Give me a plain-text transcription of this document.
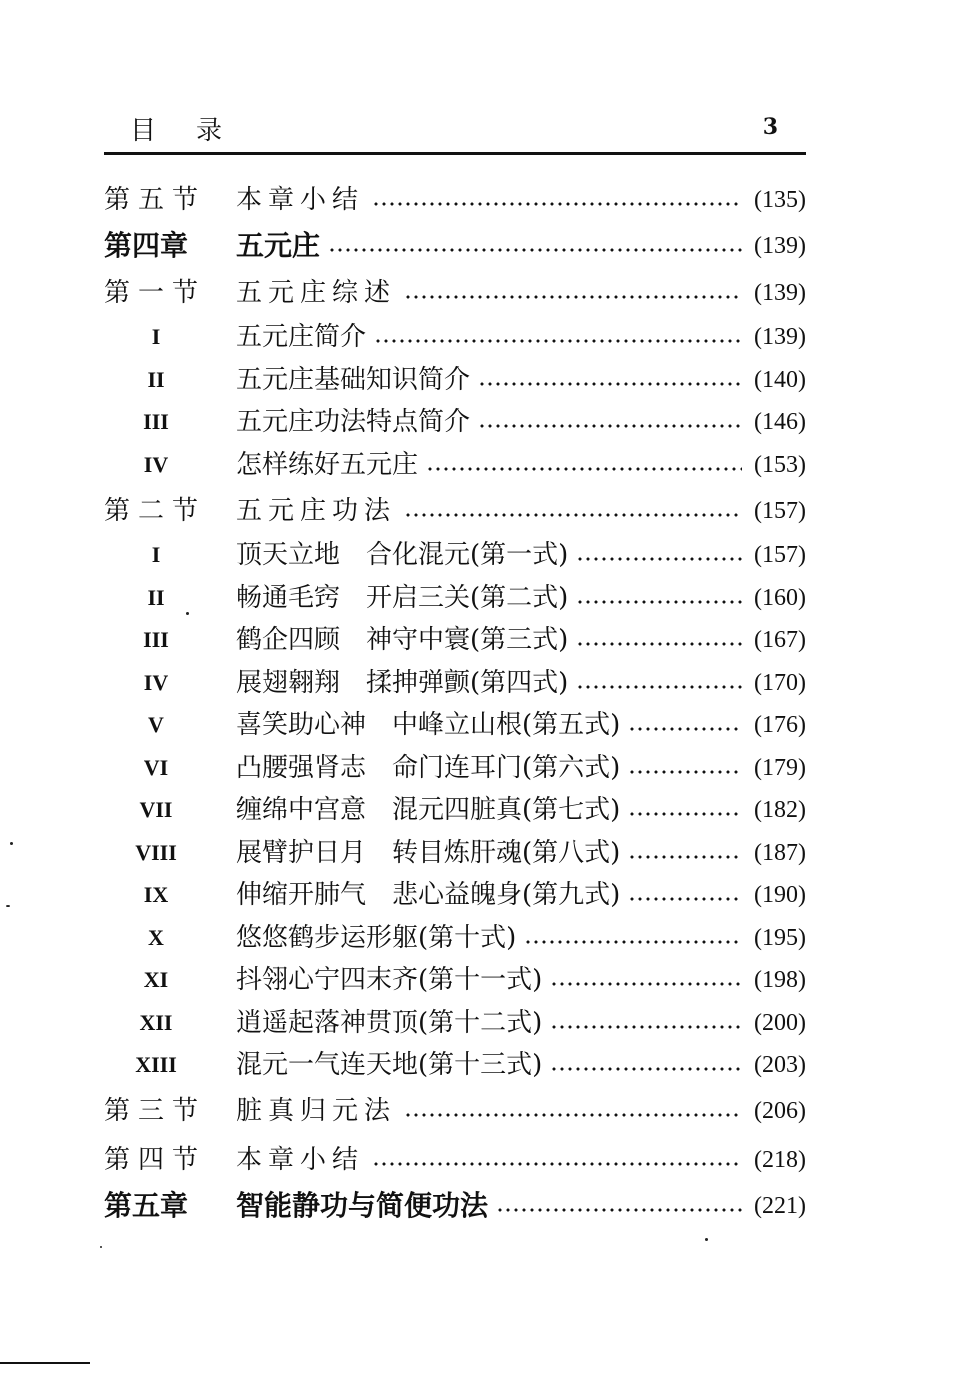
目录	3
第五节	本章小结	(135)
第四章	五元庄	(139)
第一节	五元庄综述	(139)
I	五元庄简介	(139)
II	五元庄基础知识简介	(140)
III	五元庄功法特点简介	(146)
IV	怎样练好五元庄	(153)
第二节	五元庄功法	(157)
I	顶天立地　合化混元(第一式)	(157)
II	畅通毛窍　开启三关(第二式)	(160)
III	鹤企四顾　神守中寰(第三式)	(167)
IV	展翅翱翔　揉抻弹颤(第四式)	(170)
V	喜笑助心神　中峰立山根(第五式)	(176)
VI	凸腰强肾志　命门连耳门(第六式)	(179)
VII	缠绵中宫意　混元四脏真(第七式)	(182)
VIII	展臂护日月　转目炼肝魂(第八式)	(187)
IX	伸缩开肺气　悲心益魄身(第九式)	(190)
X	悠悠鹤步运形躯(第十式)	(195)
XI	抖翎心宁四末齐(第十一式)	(198)
XII	逍遥起落神贯顶(第十二式)	(200)
XIII	混元一气连天地(第十三式)	(203)
第三节	脏真归元法	(206)
第四节	本章小结	(218)
第五章	智能静功与简便功法	(221)
